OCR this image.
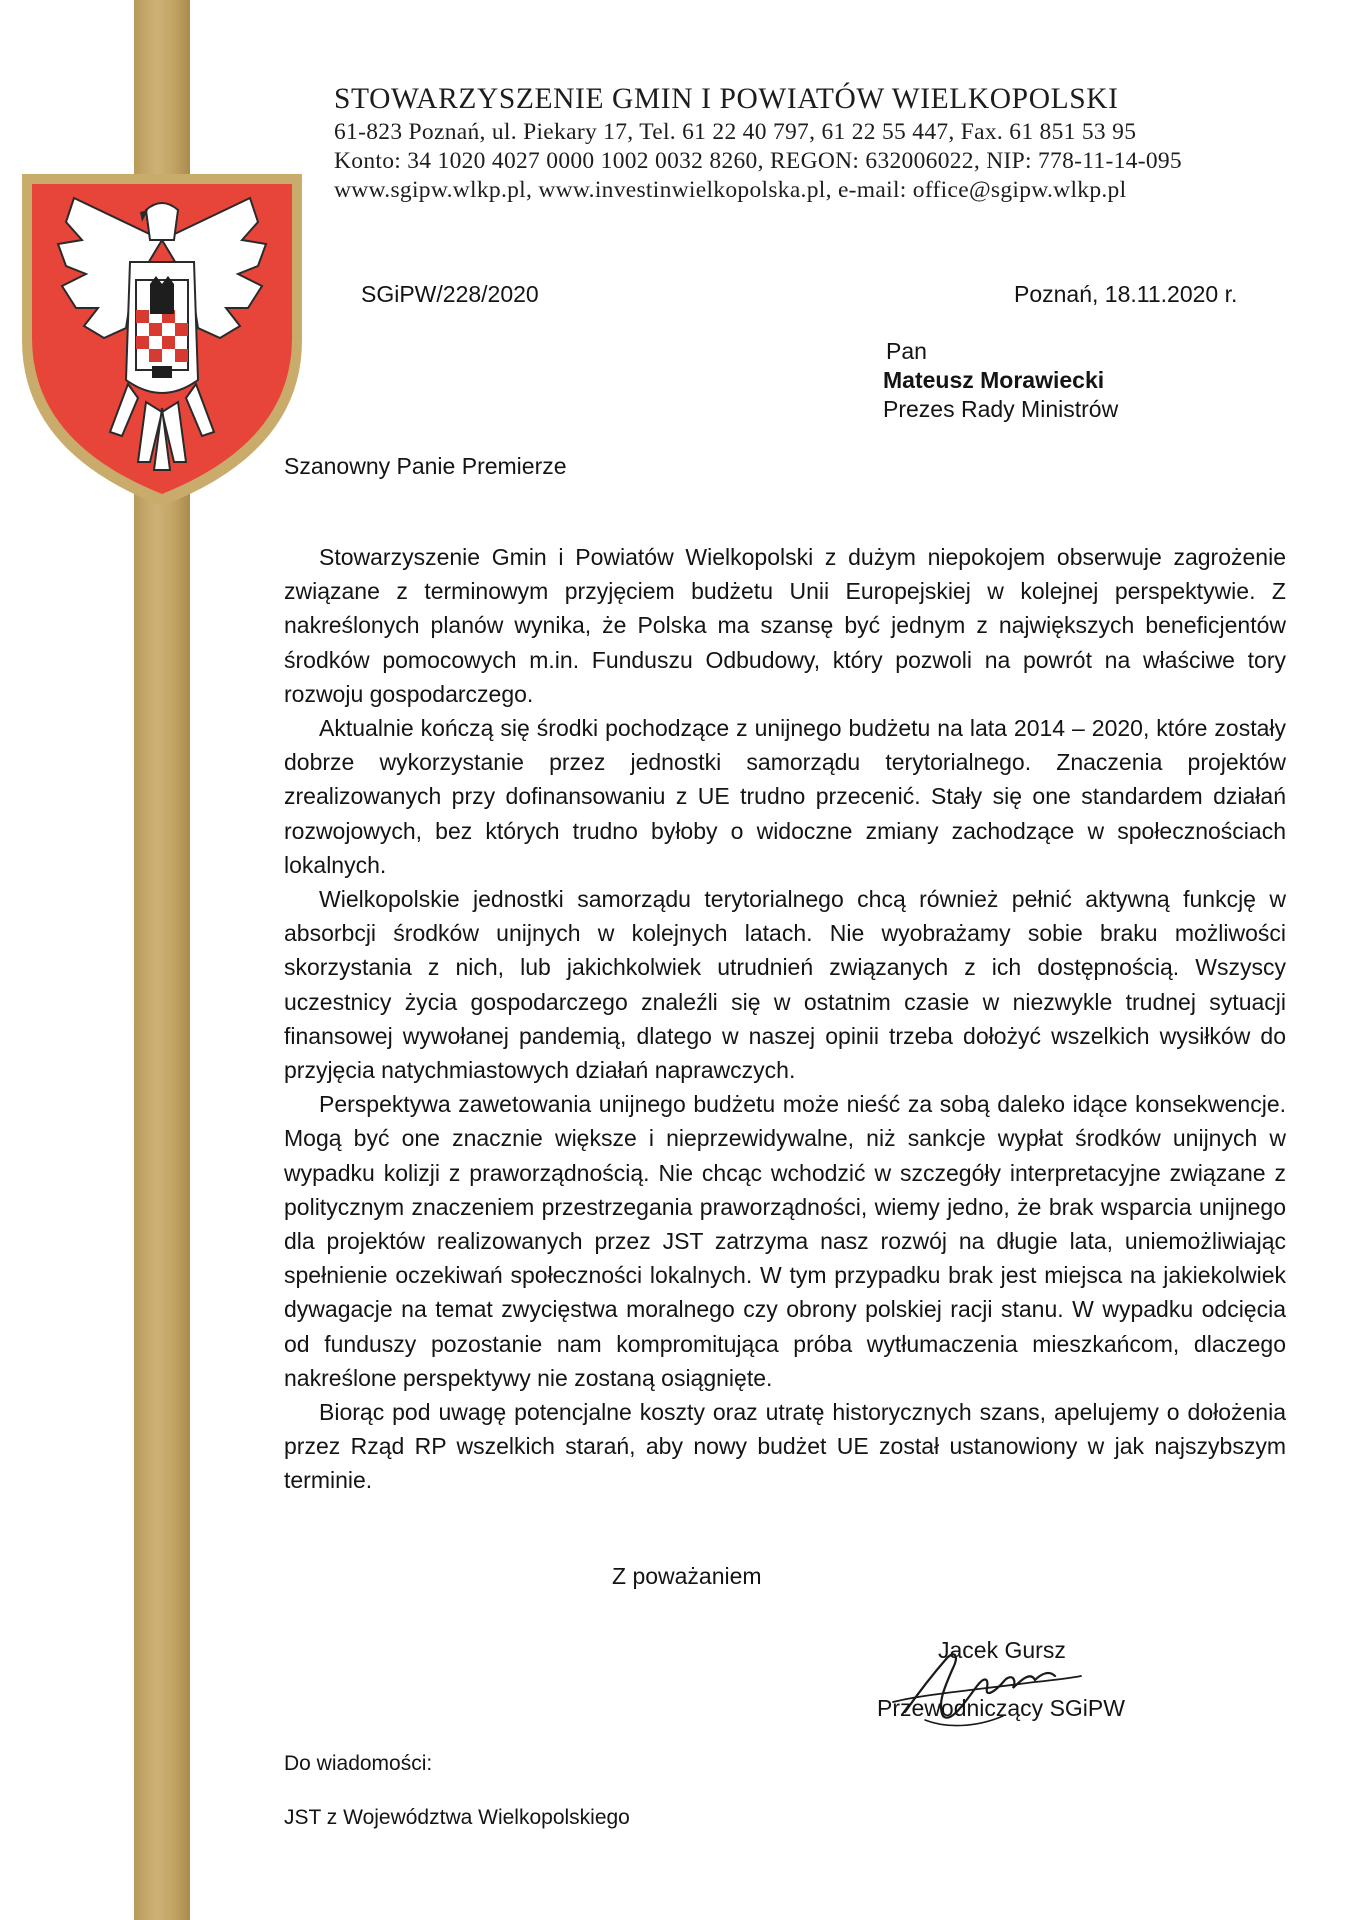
STOWARZYSZENIE GMIN I POWIATÓW WIELKOPOLSKI
61-823 Poznań, ul. Piekary 17, Tel. 61 22 40 797, 61 22 55 447, Fax. 61 851 53 95
Konto: 34 1020 4027 0000 1002 0032 8260, REGON: 632006022, NIP: 778-11-14-095
www.sgipw.wlkp.pl, www.investinwielkopolska.pl, e-mail: office@sgipw.wlkp.pl
SGiPW/228/2020	Poznań, 18.11.2020 r.
Pan
Mateusz Morawiecki
Prezes Rady Ministrów
Szanowny Panie Premierze

Stowarzyszenie Gmin i Powiatów Wielkopolski z dużym niepokojem obserwuje zagrożenie związane z terminowym przyjęciem budżetu Unii Europejskiej w kolejnej perspektywie. Z nakreślonych planów wynika, że Polska ma szansę być jednym z największych beneficjentów środków pomocowych m.in. Funduszu Odbudowy, który pozwoli na powrót na właściwe tory rozwoju gospodarczego.

Aktualnie kończą się środki pochodzące z unijnego budżetu na lata 2014 – 2020, które zostały dobrze wykorzystanie przez jednostki samorządu terytorialnego. Znaczenia projektów zrealizowanych przy dofinansowaniu z UE trudno przecenić. Stały się one standardem działań rozwojowych, bez których trudno byłoby o widoczne zmiany zachodzące w społecznościach lokalnych.

Wielkopolskie jednostki samorządu terytorialnego chcą również pełnić aktywną funkcję w absorbcji środków unijnych w kolejnych latach. Nie wyobrażamy sobie braku możliwości skorzystania z nich, lub jakichkolwiek utrudnień związanych z ich dostępnością. Wszyscy uczestnicy życia gospodarczego znaleźli się w ostatnim czasie w niezwykle trudnej sytuacji finansowej wywołanej pandemią, dlatego w naszej opinii trzeba dołożyć wszelkich wysiłków do przyjęcia natychmiastowych działań naprawczych.

Perspektywa zawetowania unijnego budżetu może nieść za sobą daleko idące konsekwencje. Mogą być one znacznie większe i nieprzewidywalne, niż sankcje wypłat środków unijnych w wypadku kolizji z praworządnością. Nie chcąc wchodzić w szczegóły interpretacyjne związane z politycznym znaczeniem przestrzegania praworządności, wiemy jedno, że brak wsparcia unijnego dla projektów realizowanych przez JST zatrzyma nasz rozwój na długie lata, uniemożliwiając spełnienie oczekiwań społeczności lokalnych. W tym przypadku brak jest miejsca na jakiekolwiek dywagacje na temat zwycięstwa moralnego czy obrony polskiej racji stanu. W wypadku odcięcia od funduszy pozostanie nam kompromitująca próba wytłumaczenia mieszkańcom, dlaczego nakreślone perspektywy nie zostaną osiągnięte.

Biorąc pod uwagę potencjalne koszty oraz utratę historycznych szans, apelujemy o dołożenia przez Rząd RP wszelkich starań, aby nowy budżet UE został ustanowiony w jak najszybszym terminie.

Z poważaniem
Jacek Gursz
Przewodniczący SGiPW
Do wiadomości:
JST z Województwa Wielkopolskiego
